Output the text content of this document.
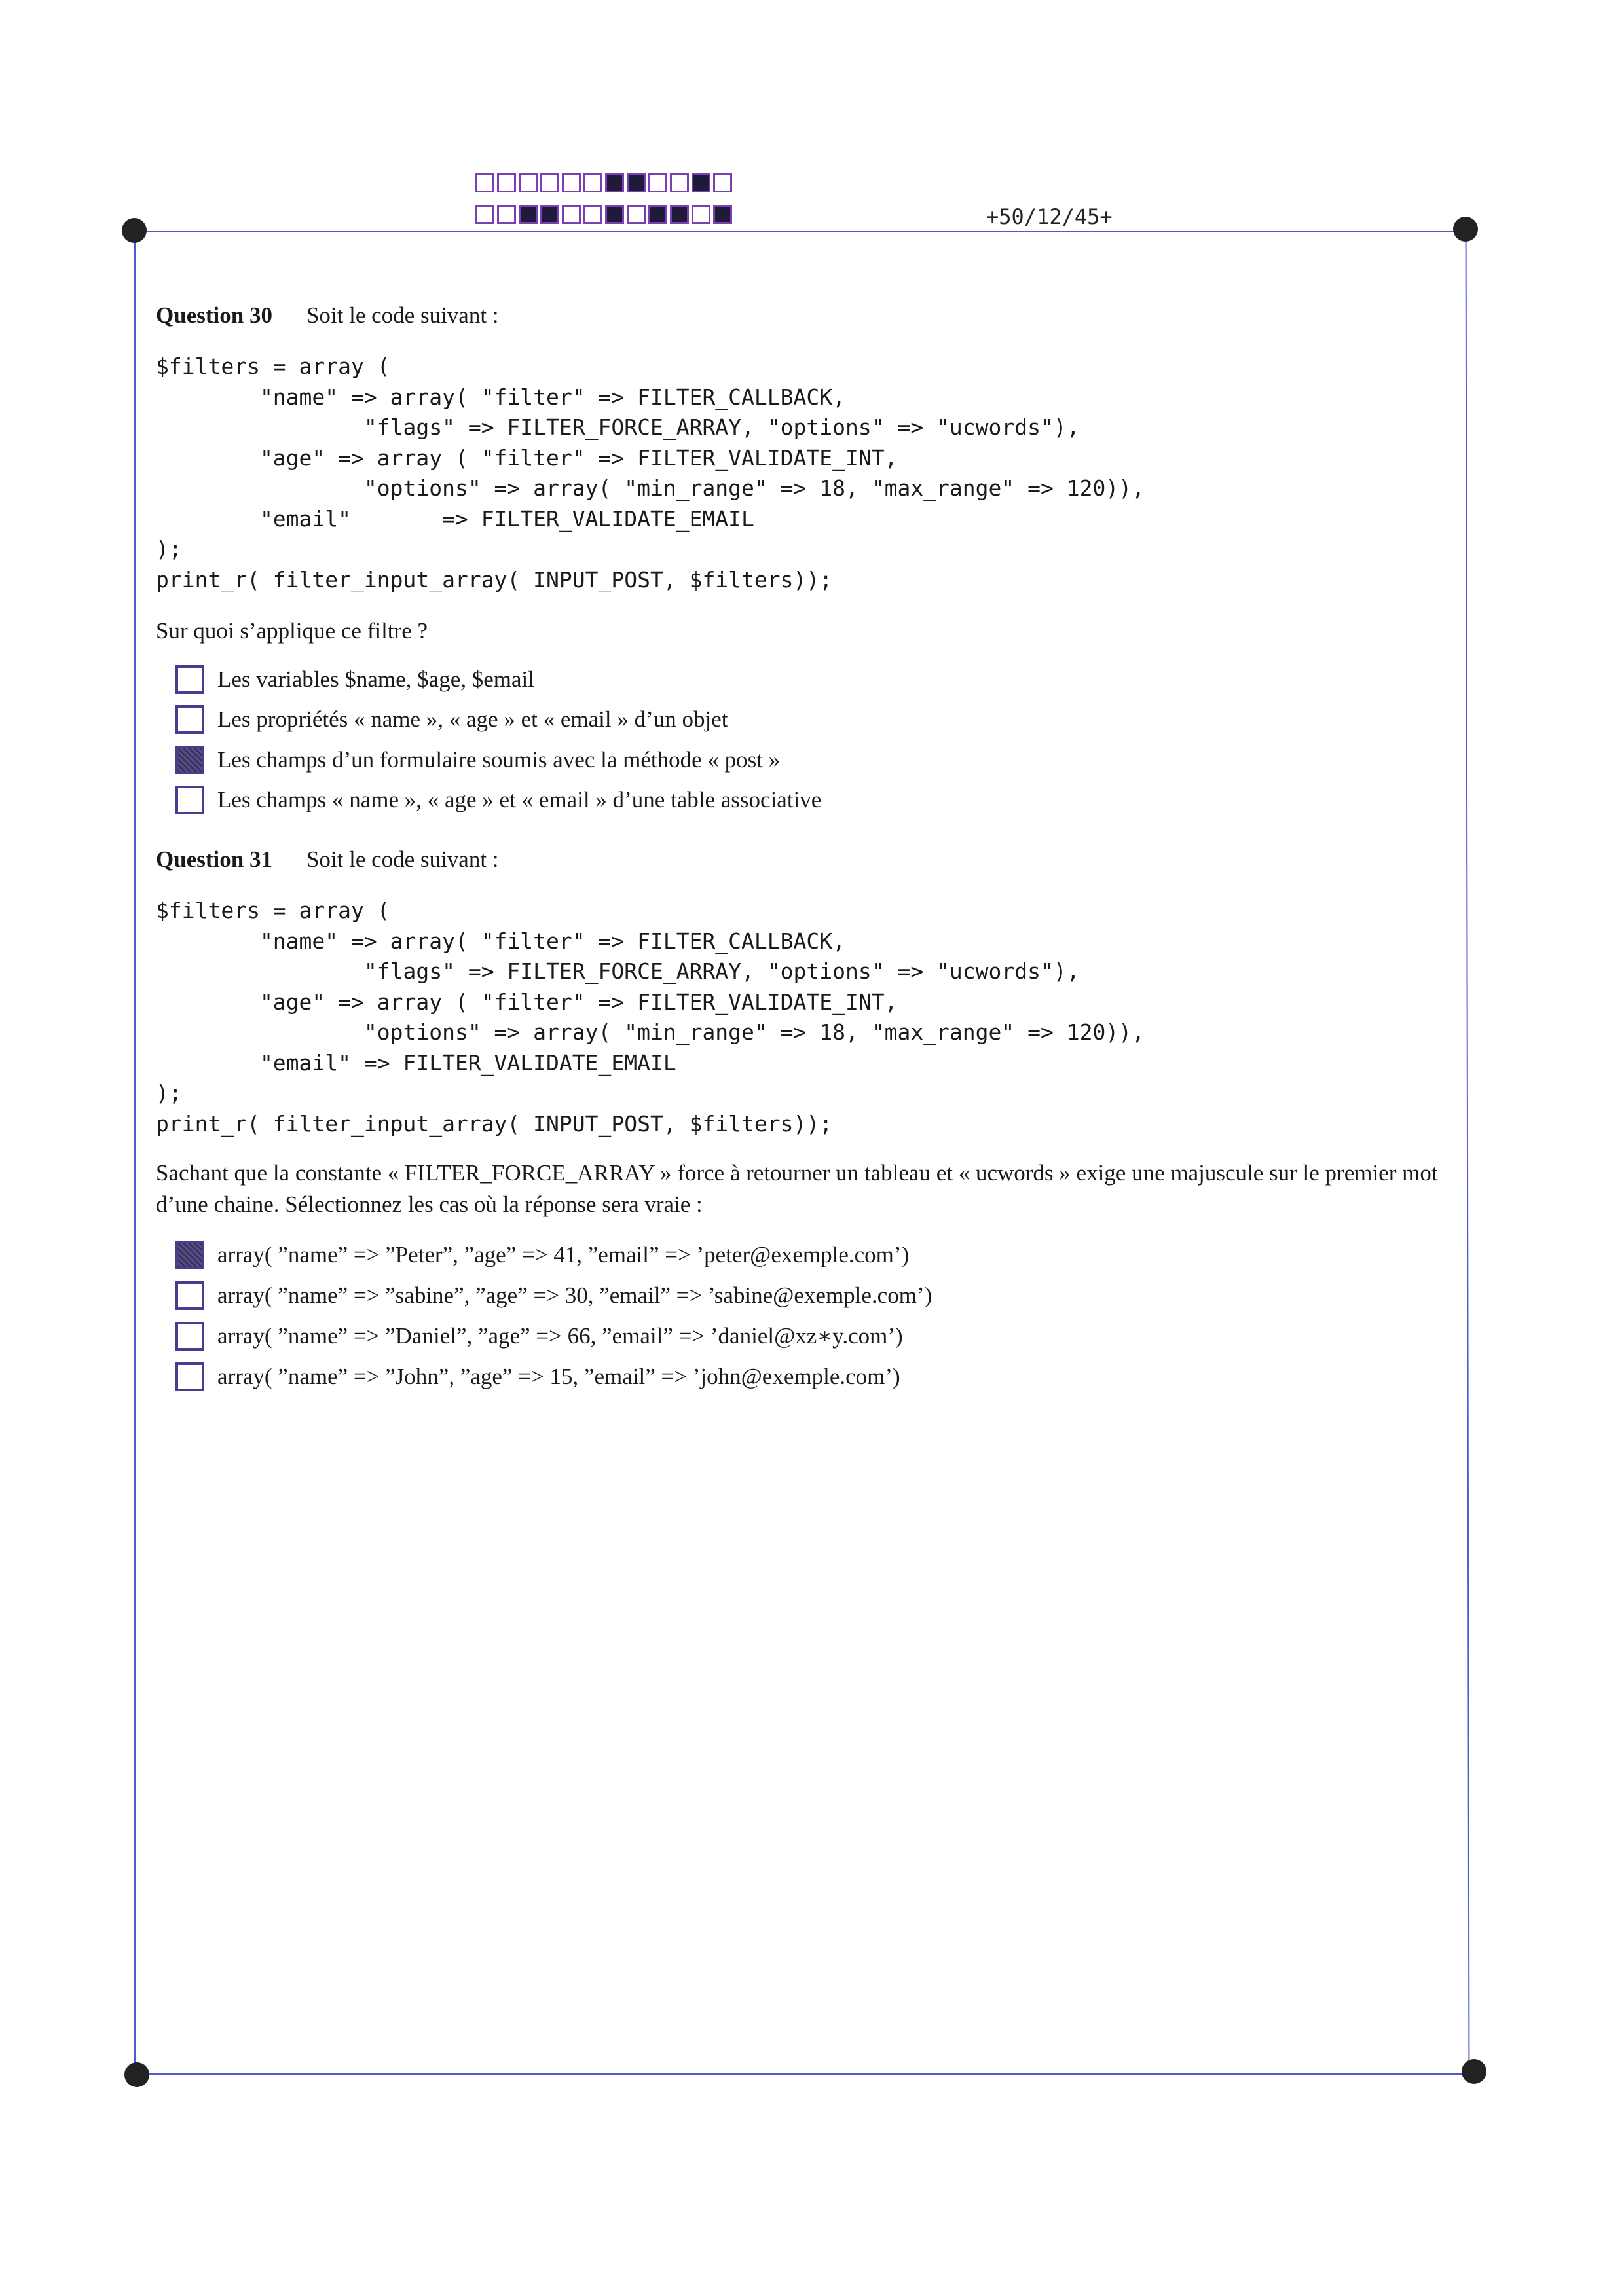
+50/12/45+
Question 30 Soit le code suivant :
$filters = array (
"name" => array( "filter" => FILTER_CALLBACK,
"flags" => FILTER_FORCE_ARRAY, "options" => "ucwords"),
"age" => array ( "filter" => FILTER_VALIDATE_INT,
"options" => array( "min_range" => 18, "max_range" => 120)),
"email"       => FILTER_VALIDATE_EMAIL
);
print_r( filter_input_array( INPUT_POST, $filters));
Sur quoi s’applique ce filtre ?
Les variables $name, $age, $email
Les propriétés « name », « age » et « email » d’un objet
Les champs d’un formulaire soumis avec la méthode « post »
Les champs « name », « age » et « email » d’une table associative
Question 31 Soit le code suivant :
$filters = array (
"name" => array( "filter" => FILTER_CALLBACK,
"flags" => FILTER_FORCE_ARRAY, "options" => "ucwords"),
"age" => array ( "filter" => FILTER_VALIDATE_INT,
"options" => array( "min_range" => 18, "max_range" => 120)),
"email" => FILTER_VALIDATE_EMAIL
);
print_r( filter_input_array( INPUT_POST, $filters));
Sachant que la constante « FILTER_FORCE_ARRAY » force à retourner un tableau et « ucwords » exige une majuscule sur le premier mot d’une chaine. Sélectionnez les cas où la réponse sera vraie :
array( ”name” => ”Peter”, ”age” => 41, ”email” => ’peter@exemple.com’)
array( ”name” => ”sabine”, ”age” => 30, ”email” => ’sabine@exemple.com’)
array( ”name” => ”Daniel”, ”age” => 66, ”email” => ’daniel@xz∗y.com’)
array( ”name” => ”John”, ”age” => 15, ”email” => ’john@exemple.com’)
